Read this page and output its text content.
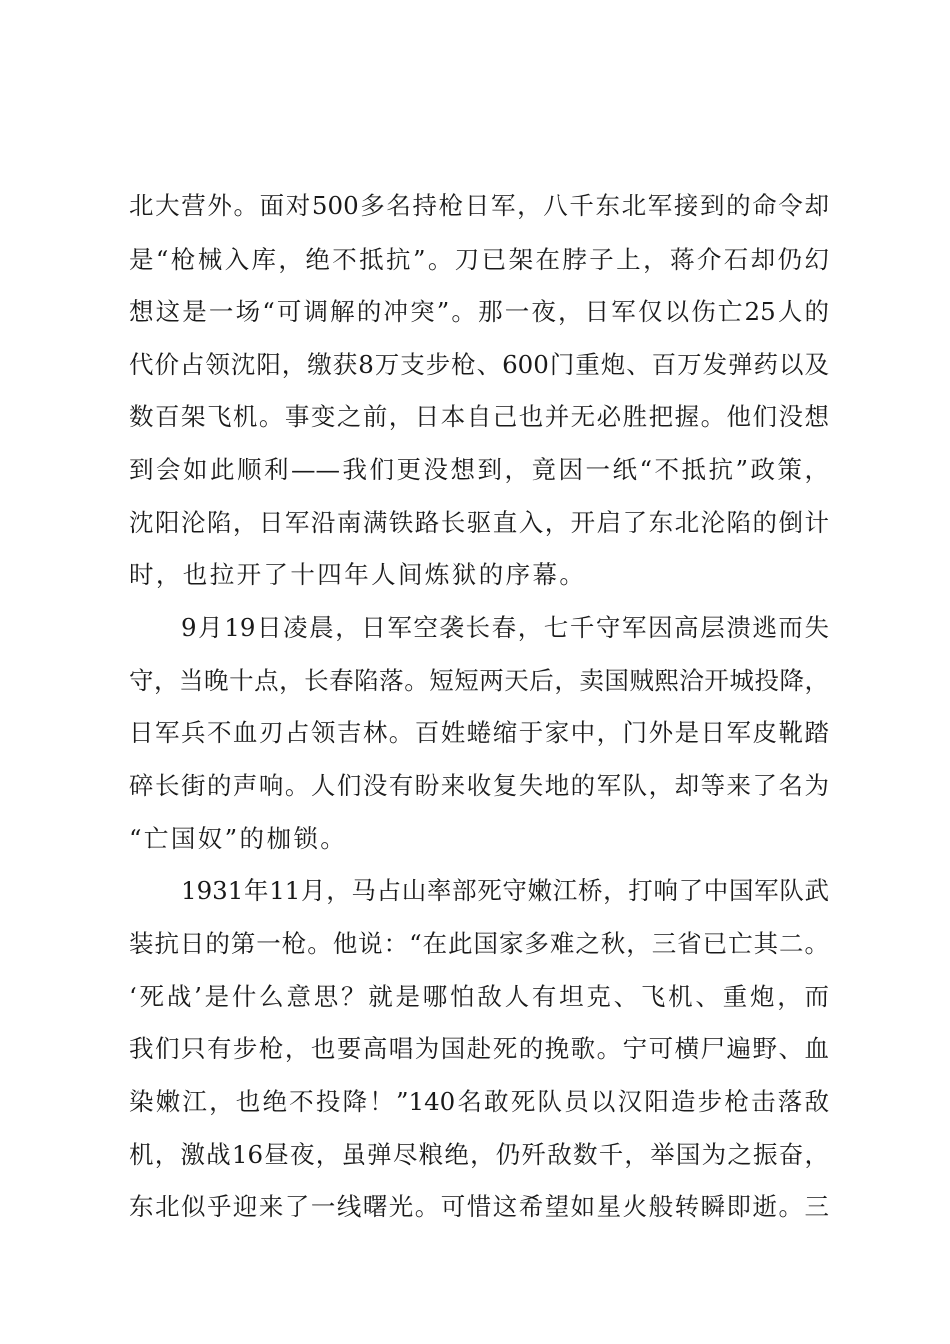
北大营外。面对500多名持枪日军，八千东北军接到的命令却
是“枪械入库，绝不抵抗”。刀已架在脖子上，蒋介石却仍幻
想这是一场“可调解的冲突”。那一夜，日军仅以伤亡25人的
代价占领沈阳，缴获8万支步枪、600门重炮、百万发弹药以及
数百架飞机。事变之前，日本自己也并无必胜把握。他们没想
到会如此顺利——我们更没想到，竟因一纸“不抵抗”政策，
沈阳沦陷，日军沿南满铁路长驱直入，开启了东北沦陷的倒计
时，也拉开了十四年人间炼狱的序幕。
9月19日凌晨，日军空袭长春，七千守军因高层溃逃而失
守，当晚十点，长春陷落。短短两天后，卖国贼熙洽开城投降，
日军兵不血刃占领吉林。百姓蜷缩于家中，门外是日军皮靴踏
碎长街的声响。人们没有盼来收复失地的军队，却等来了名为
“亡国奴”的枷锁。
1931年11月，马占山率部死守嫩江桥，打响了中国军队武
装抗日的第一枪。他说：“在此国家多难之秋，三省已亡其二。
‘死战’是什么意思？就是哪怕敌人有坦克、飞机、重炮，而
我们只有步枪，也要高唱为国赴死的挽歌。宁可横尸遍野、血
染嫩江，也绝不投降！”140名敢死队员以汉阳造步枪击落敌
机，激战16昼夜，虽弹尽粮绝，仍歼敌数千，举国为之振奋，
东北似乎迎来了一线曙光。可惜这希望如星火般转瞬即逝。三
